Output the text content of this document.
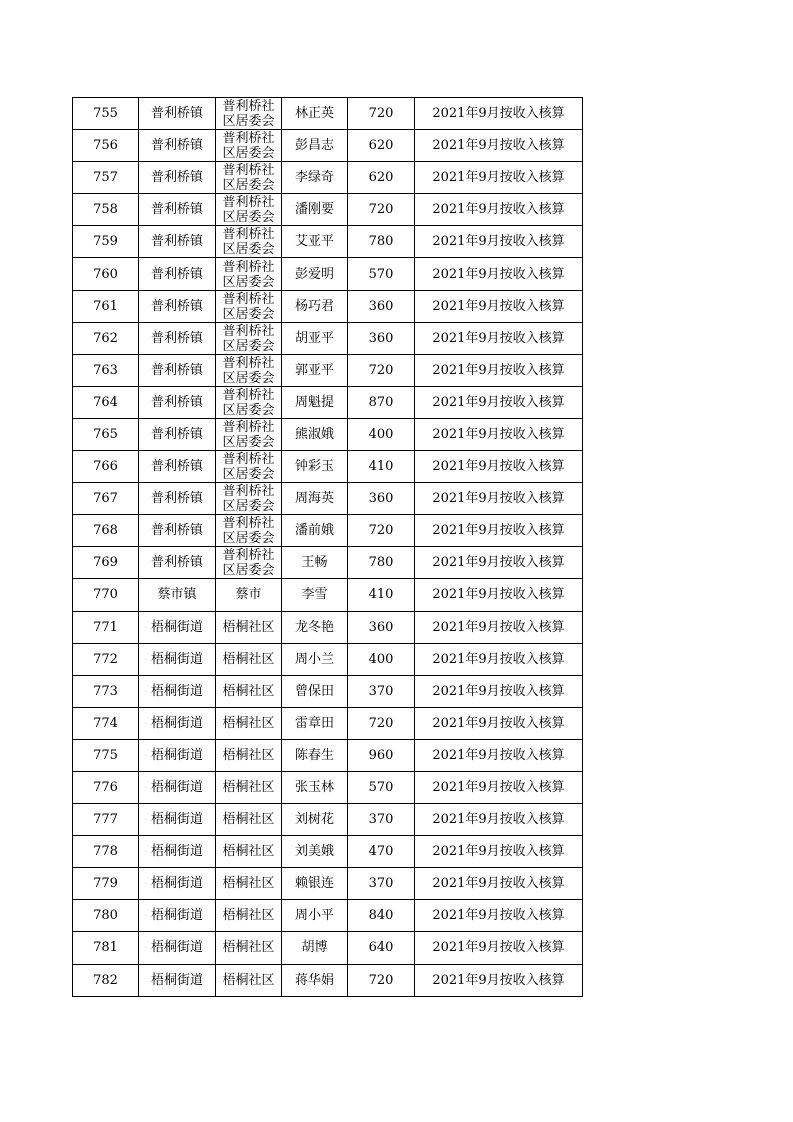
755	普利桥镇	普利桥社区居委会	林正英	720	2021年9月按收入核算
756	普利桥镇	普利桥社区居委会	彭昌志	620	2021年9月按收入核算
757	普利桥镇	普利桥社区居委会	李绿奇	620	2021年9月按收入核算
758	普利桥镇	普利桥社区居委会	潘刚要	720	2021年9月按收入核算
759	普利桥镇	普利桥社区居委会	艾亚平	780	2021年9月按收入核算
760	普利桥镇	普利桥社区居委会	彭爱明	570	2021年9月按收入核算
761	普利桥镇	普利桥社区居委会	杨巧君	360	2021年9月按收入核算
762	普利桥镇	普利桥社区居委会	胡亚平	360	2021年9月按收入核算
763	普利桥镇	普利桥社区居委会	郭亚平	720	2021年9月按收入核算
764	普利桥镇	普利桥社区居委会	周魁提	870	2021年9月按收入核算
765	普利桥镇	普利桥社区居委会	熊淑娥	400	2021年9月按收入核算
766	普利桥镇	普利桥社区居委会	钟彩玉	410	2021年9月按收入核算
767	普利桥镇	普利桥社区居委会	周海英	360	2021年9月按收入核算
768	普利桥镇	普利桥社区居委会	潘前娥	720	2021年9月按收入核算
769	普利桥镇	普利桥社区居委会	王畅	780	2021年9月按收入核算
770	蔡市镇	蔡市	李雪	410	2021年9月按收入核算
771	梧桐街道	梧桐社区	龙冬艳	360	2021年9月按收入核算
772	梧桐街道	梧桐社区	周小兰	400	2021年9月按收入核算
773	梧桐街道	梧桐社区	曾保田	370	2021年9月按收入核算
774	梧桐街道	梧桐社区	雷章田	720	2021年9月按收入核算
775	梧桐街道	梧桐社区	陈春生	960	2021年9月按收入核算
776	梧桐街道	梧桐社区	张玉林	570	2021年9月按收入核算
777	梧桐街道	梧桐社区	刘树花	370	2021年9月按收入核算
778	梧桐街道	梧桐社区	刘美娥	470	2021年9月按收入核算
779	梧桐街道	梧桐社区	赖银连	370	2021年9月按收入核算
780	梧桐街道	梧桐社区	周小平	840	2021年9月按收入核算
781	梧桐街道	梧桐社区	胡博	640	2021年9月按收入核算
782	梧桐街道	梧桐社区	蒋华娟	720	2021年9月按收入核算
